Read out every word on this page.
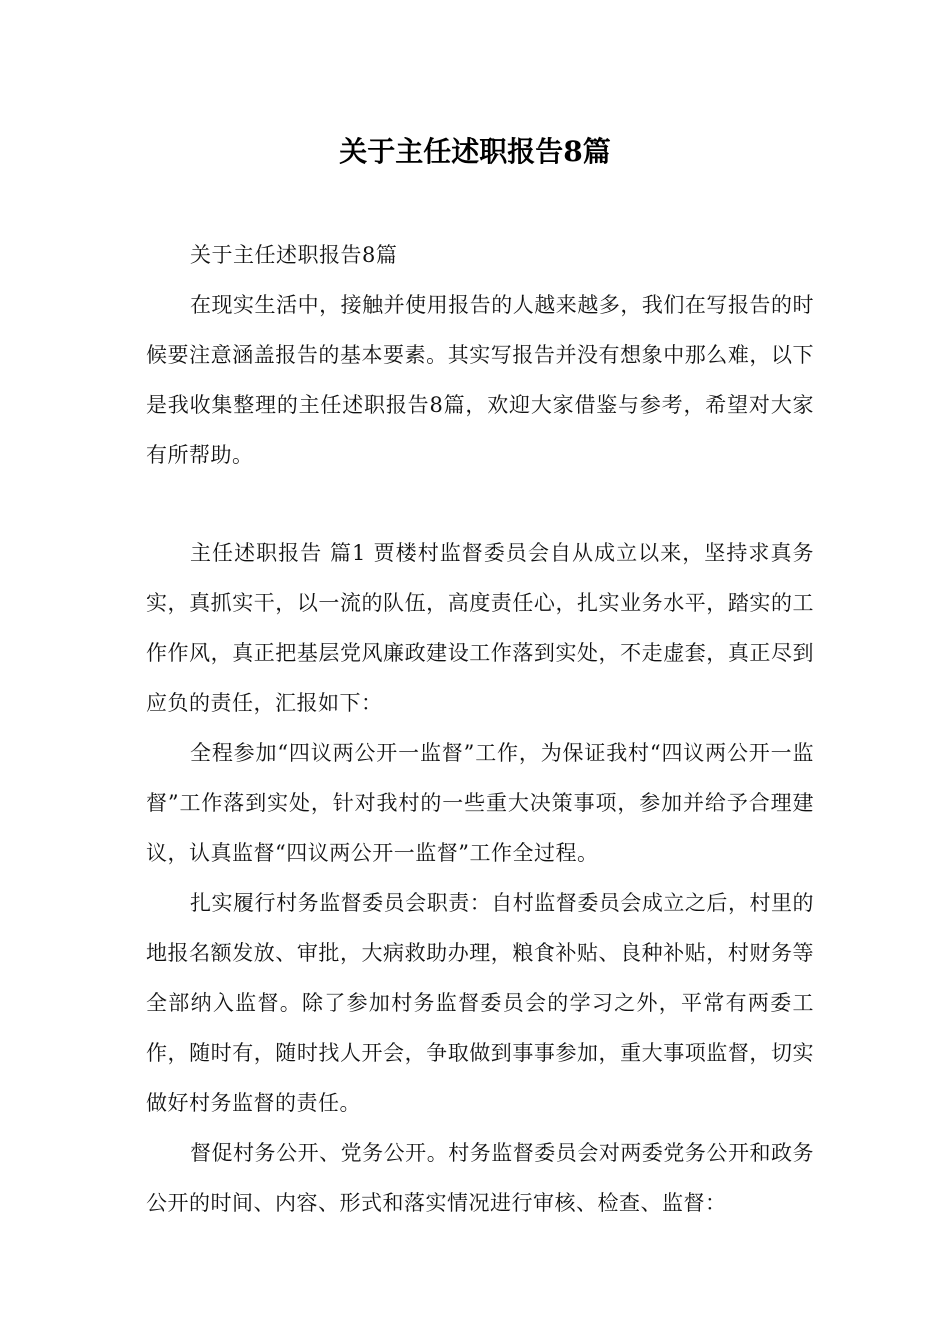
关于主任述职报告8篇

关于主任述职报告8篇

在现实生活中，接触并使用报告的人越来越多，我们在写报告的时候要注意涵盖报告的基本要素。其实写报告并没有想象中那么难，以下是我收集整理的主任述职报告8篇，欢迎大家借鉴与参考，希望对大家有所帮助。

主任述职报告 篇1 贾楼村监督委员会自从成立以来，坚持求真务实，真抓实干，以一流的队伍，高度责任心，扎实业务水平，踏实的工作作风，真正把基层党风廉政建设工作落到实处，不走虚套，真正尽到应负的责任，汇报如下：

全程参加“四议两公开一监督”工作，为保证我村“四议两公开一监督”工作落到实处，针对我村的一些重大决策事项，参加并给予合理建议，认真监督“四议两公开一监督”工作全过程。

扎实履行村务监督委员会职责：自村监督委员会成立之后，村里的地报名额发放、审批，大病救助办理，粮食补贴、良种补贴，村财务等全部纳入监督。除了参加村务监督委员会的学习之外，平常有两委工作，随时有，随时找人开会，争取做到事事参加，重大事项监督，切实做好村务监督的责任。

督促村务公开、党务公开。村务监督委员会对两委党务公开和政务公开的时间、内容、形式和落实情况进行审核、检查、监督：
